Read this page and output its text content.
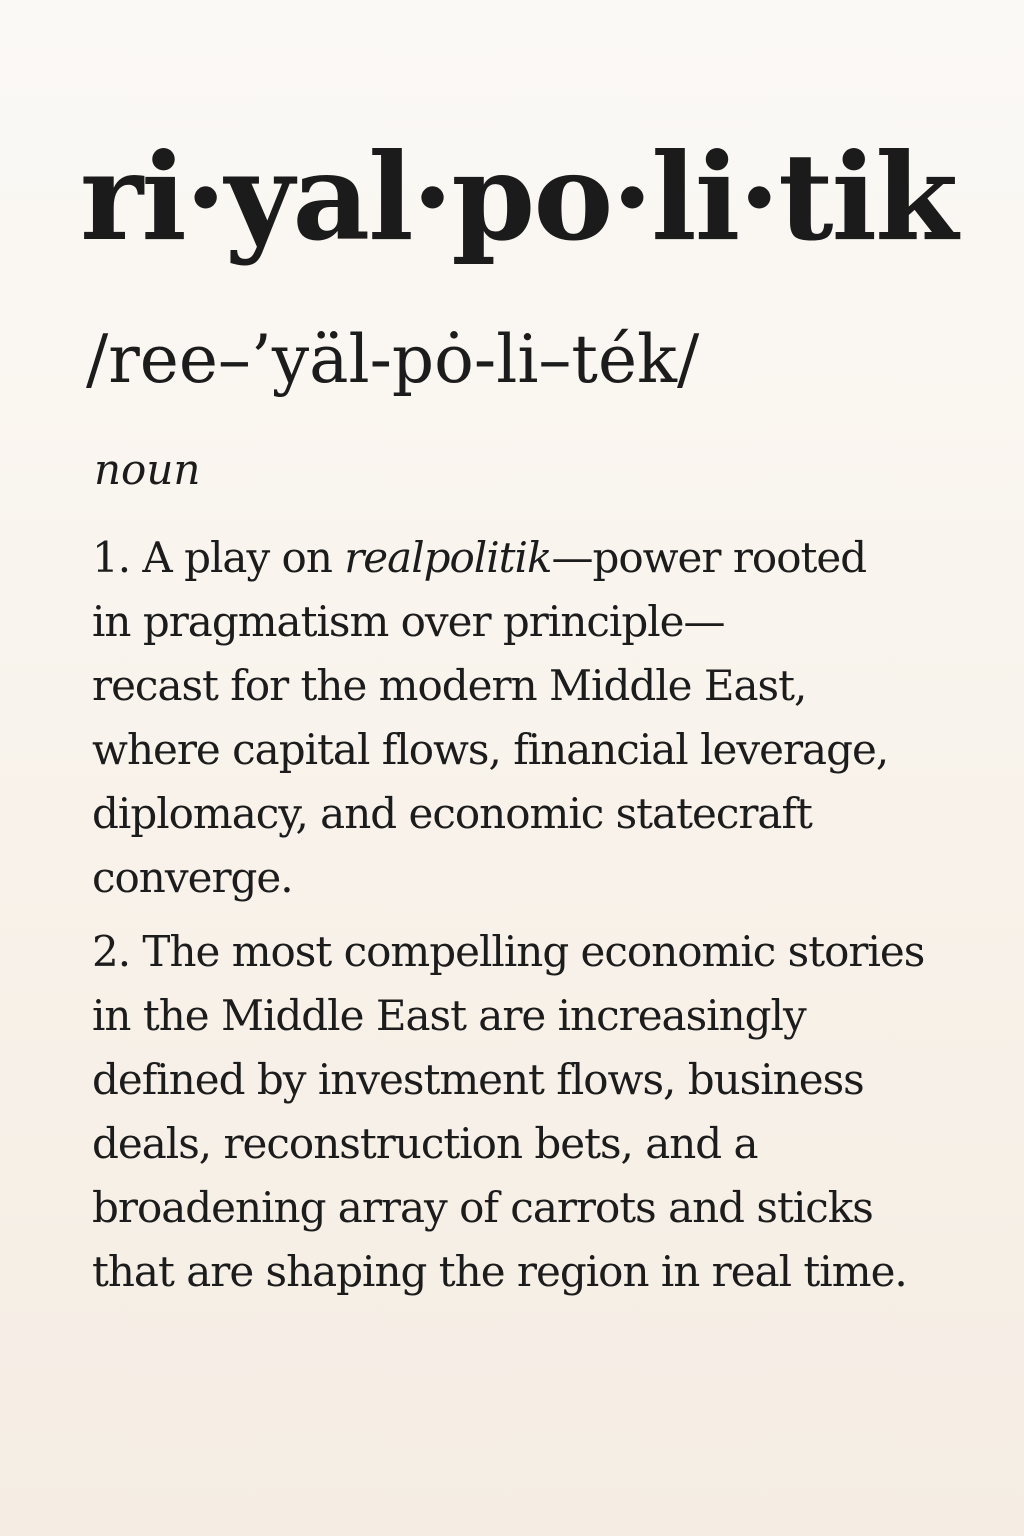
ri·yal·po·li·tik
/ree–’yäl-pȯ-li–ték/
noun
1. A play on realpolitik—power rooted
in pragmatism over principle—
recast for the modern Middle East,
where capital flows, financial leverage,
diplomacy, and economic statecraft
converge.
2. The most compelling economic stories
in the Middle East are increasingly
defined by investment flows, business
deals, reconstruction bets, and a
broadening array of carrots and sticks
that are shaping the region in real time.
